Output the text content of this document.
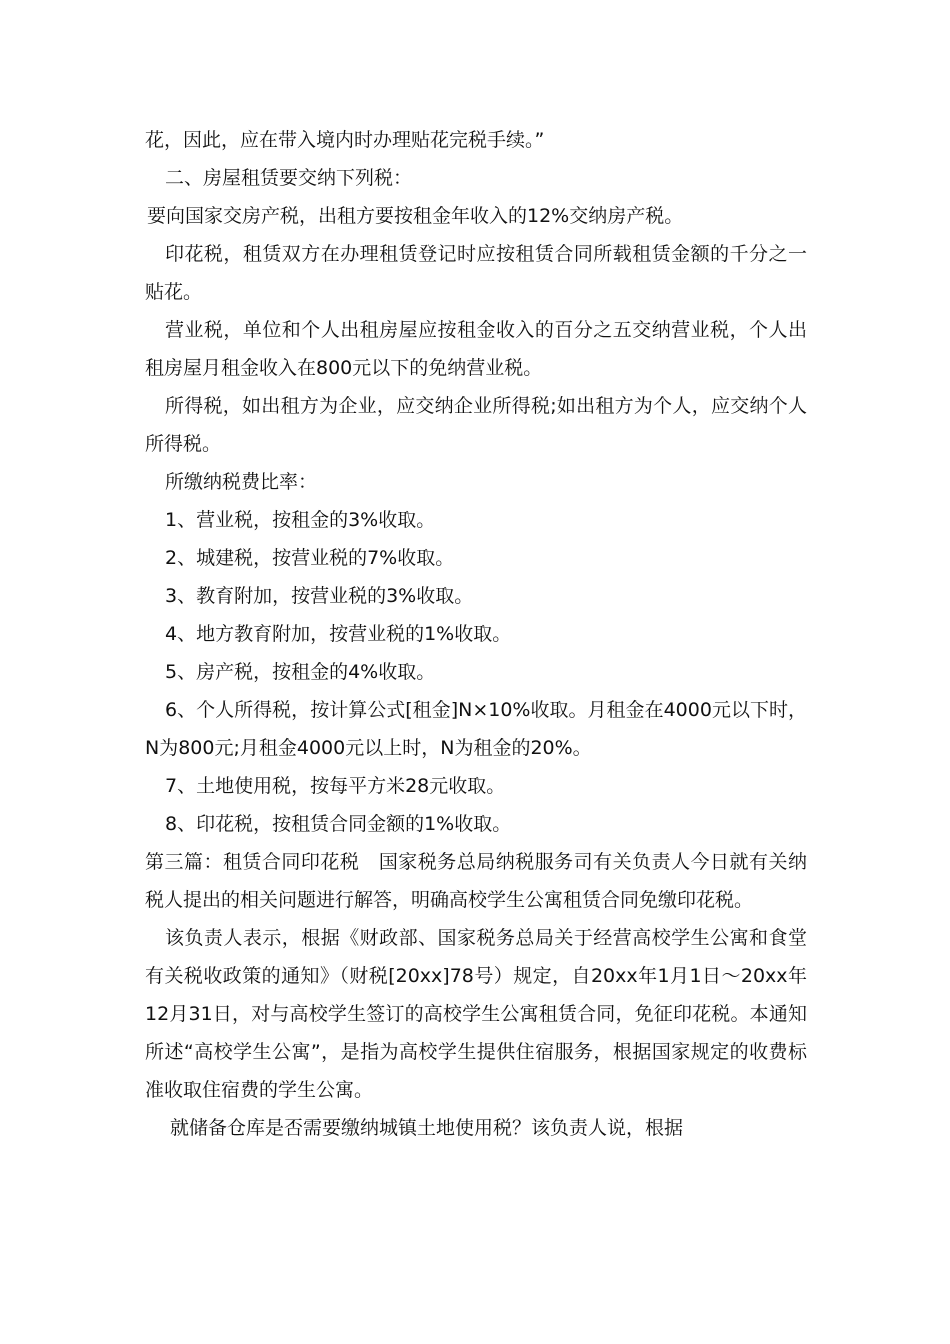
花，因此，应在带入境内时办理贴花完税手续。”

二、房屋租赁要交纳下列税：

要向国家交房产税，出租方要按租金年收入的12%交纳房产税。

印花税，租赁双方在办理租赁登记时应按租赁合同所载租赁金额的千分之一贴花。

营业税，单位和个人出租房屋应按租金收入的百分之五交纳营业税，个人出租房屋月租金收入在800元以下的免纳营业税。

所得税，如出租方为企业，应交纳企业所得税;如出租方为个人，应交纳个人所得税。

所缴纳税费比率：

1、营业税，按租金的3%收取。

2、城建税，按营业税的7%收取。

3、教育附加，按营业税的3%收取。

4、地方教育附加，按营业税的1%收取。

5、房产税，按租金的4%收取。

6、个人所得税，按计算公式[租金]N×10%收取。月租金在4000元以下时，N为800元;月租金4000元以上时，N为租金的20%。

7、土地使用税，按每平方米28元收取。

8、印花税，按租赁合同金额的1%收取。

第三篇：租赁合同印花税　国家税务总局纳税服务司有关负责人今日就有关纳税人提出的相关问题进行解答，明确高校学生公寓租赁合同免缴印花税。

该负责人表示，根据《财政部、国家税务总局关于经营高校学生公寓和食堂有关税收政策的通知》（财税[20xx]78号）规定，自20xx年1月1日～20xx年12月31日，对与高校学生签订的高校学生公寓租赁合同，免征印花税。本通知所述“高校学生公寓”，是指为高校学生提供住宿服务，根据国家规定的收费标准收取住宿费的学生公寓。

就储备仓库是否需要缴纳城镇土地使用税？该负责人说，根据
